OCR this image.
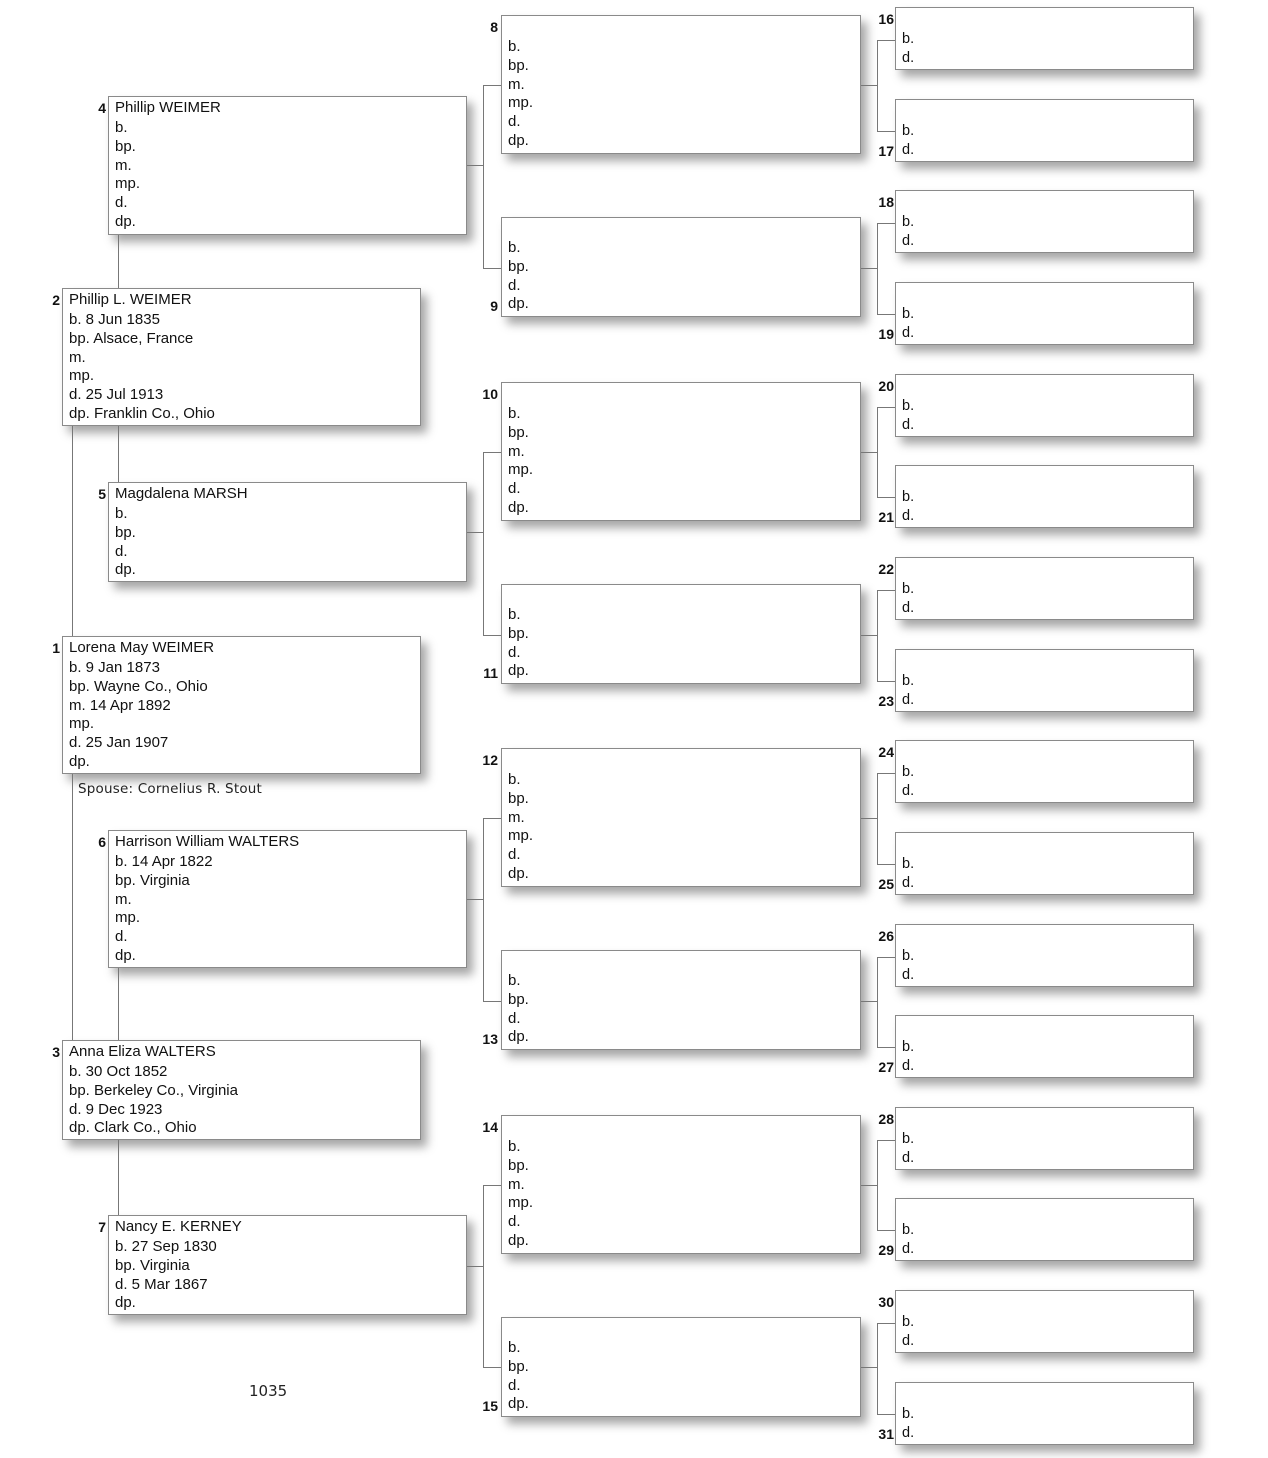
Lorena May WEIMER
b. 9 Jan 1873
bp. Wayne Co., Ohio
m. 14 Apr 1892
mp.
d. 25 Jan 1907
dp.
1
Phillip L. WEIMER
b. 8 Jun 1835
bp. Alsace, France
m.
mp.
d. 25 Jul 1913
dp. Franklin Co., Ohio
2
Anna Eliza WALTERS
b. 30 Oct 1852
bp. Berkeley Co., Virginia
d. 9 Dec 1923
dp. Clark Co., Ohio
3
Phillip WEIMER
b.
bp.
m.
mp.
d.
dp.
4
Magdalena MARSH
b.
bp.
d.
dp.
5
Harrison William WALTERS
b. 14 Apr 1822
bp. Virginia
m.
mp.
d.
dp.
6
Nancy E. KERNEY
b. 27 Sep 1830
bp. Virginia
d. 5 Mar 1867
dp.
7
b.
bp.
m.
mp.
d.
dp.
8
b.
bp.
d.
dp.
9
b.
bp.
m.
mp.
d.
dp.
10
b.
bp.
d.
dp.
11
b.
bp.
m.
mp.
d.
dp.
12
b.
bp.
d.
dp.
13
b.
bp.
m.
mp.
d.
dp.
14
b.
bp.
d.
dp.
15
b.
d.
16
b.
d.
17
b.
d.
18
b.
d.
19
b.
d.
20
b.
d.
21
b.
d.
22
b.
d.
23
b.
d.
24
b.
d.
25
b.
d.
26
b.
d.
27
b.
d.
28
b.
d.
29
b.
d.
30
b.
d.
31
Spouse: Cornelius R. Stout
1035
